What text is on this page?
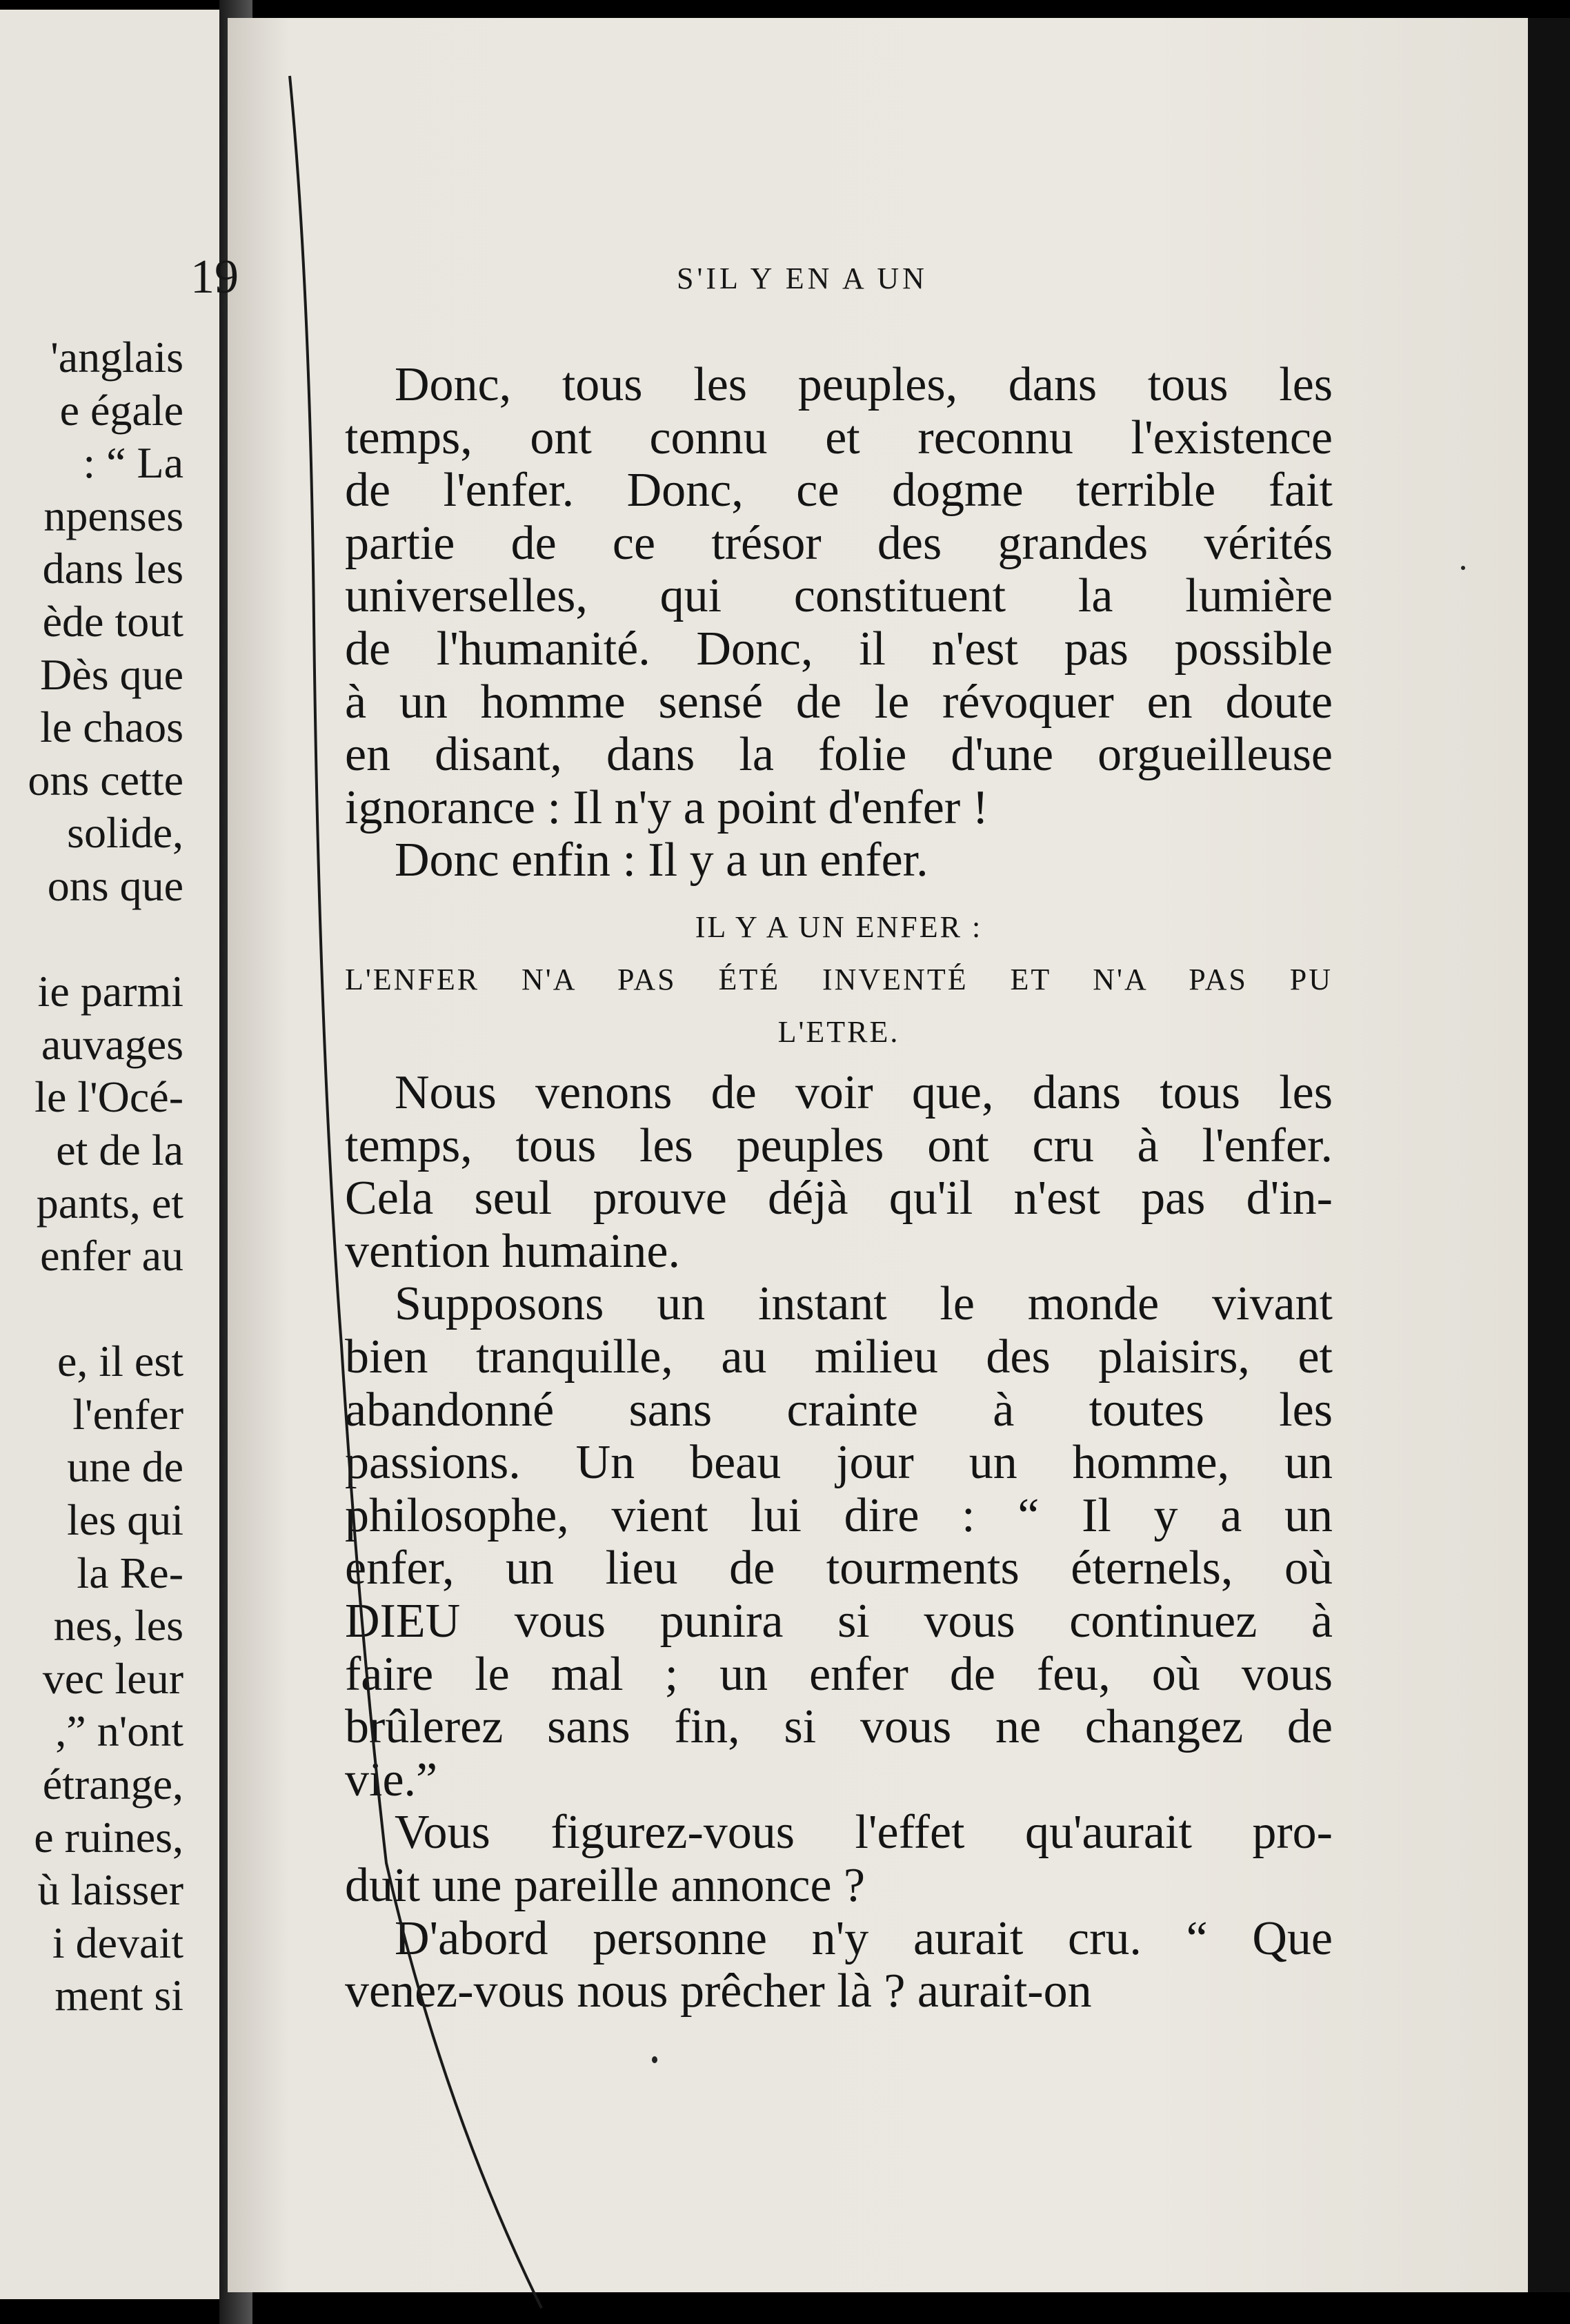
'anglais
e égale
: “ La
npenses
dans les
ède tout
Dès que
le chaos
ons cette
solide,
ons que
ie parmi
auvages
le l'Océ-
et de la
pants, et
enfer au
e, il est
l'enfer
une de
les qui
la Re-
nes, les
vec leur
,” n'ont
étrange,
e ruines,
ù laisser
i devait
ment si
S'IL Y EN A UN
19

Donc, tous les peuples, dans tous les
temps, ont connu et reconnu l'existence
de l'enfer. Donc, ce dogme terrible fait
partie de ce trésor des grandes vérités
universelles, qui constituent la lumière
de l'humanité. Donc, il n'est pas possible
à un homme sensé de le révoquer en doute
en disant, dans la folie d'une orgueilleuse
ignorance : Il n'y a point d'enfer !

Donc enfin : Il y a un enfer.

IL Y A UN ENFER :
L'ENFER N'A PAS ÉTÉ INVENTÉ ET N'A PAS PU
L'ETRE.

Nous venons de voir que, dans tous les
temps, tous les peuples ont cru à l'enfer.
Cela seul prouve déjà qu'il n'est pas d'in-
vention humaine.

Supposons un instant le monde vivant
bien tranquille, au milieu des plaisirs, et
abandonné sans crainte à toutes les
passions. Un beau jour un homme, un
philosophe, vient lui dire : “ Il y a un
enfer, un lieu de tourments éternels, où
DIEU vous punira si vous continuez à
faire le mal ; un enfer de feu, où vous
brûlerez sans fin, si vous ne changez de
vie.”

Vous figurez-vous l'effet qu'aurait pro-
duit une pareille annonce ?

D'abord personne n'y aurait cru. “ Que
venez-vous nous prêcher là ? aurait-on
